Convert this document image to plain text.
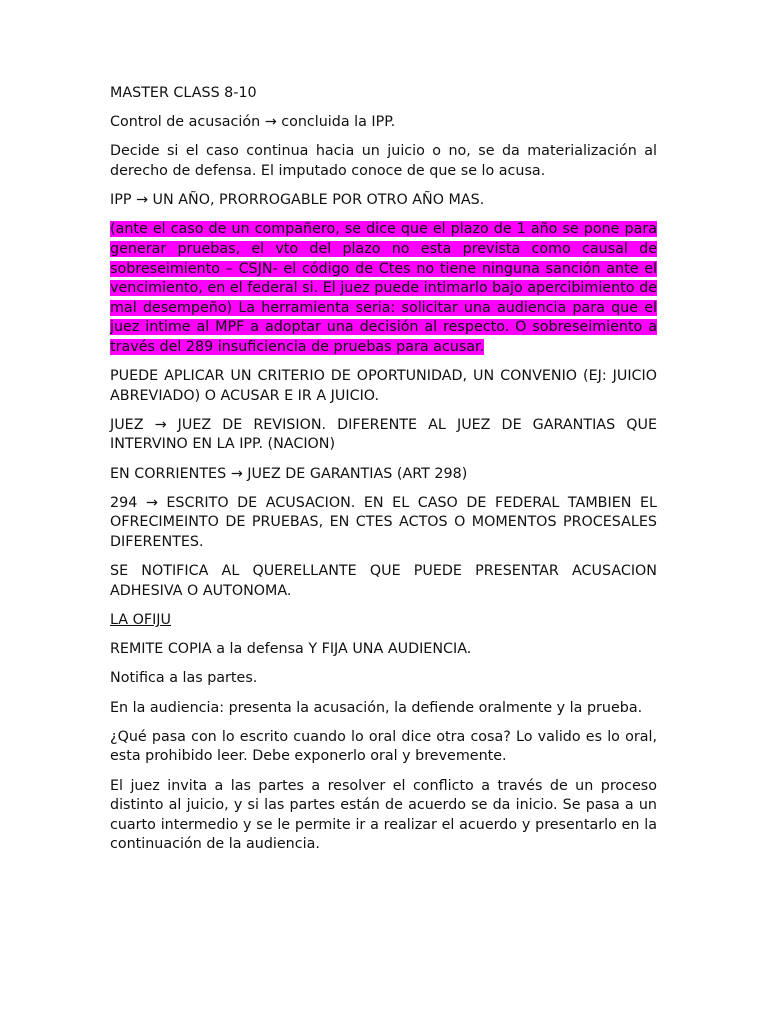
MASTER CLASS 8-10

Control de acusación → concluida la IPP.

Decide si el caso continua hacia un juicio o no, se da materialización al derecho de defensa. El imputado conoce de que se lo acusa.

IPP → UN AÑO, PRORROGABLE POR OTRO AÑO MAS.

(ante el caso de un compañero, se dice que el plazo de 1 año se pone para generar pruebas, el vto del plazo no esta prevista como causal de sobreseimiento – CSJN- el código de Ctes no tiene ninguna sanción ante el vencimiento, en el federal si. El juez puede intimarlo bajo apercibimiento de mal desempeño) La herramienta seria: solicitar una audiencia para que el juez intime al MPF a adoptar una decisión al respecto. O sobreseimiento a través del 289 insuficiencia de pruebas para acusar.

PUEDE APLICAR UN CRITERIO DE OPORTUNIDAD, UN CONVENIO (EJ: JUICIO ABREVIADO) O ACUSAR E IR A JUICIO.

JUEZ → JUEZ DE REVISION. DIFERENTE AL JUEZ DE GARANTIAS QUE INTERVINO EN LA IPP. (NACION)

EN CORRIENTES → JUEZ DE GARANTIAS (ART 298)

294 → ESCRITO DE ACUSACION. EN EL CASO DE FEDERAL TAMBIEN EL OFRECIMEINTO DE PRUEBAS, EN CTES ACTOS O MOMENTOS PROCESALES DIFERENTES.

SE NOTIFICA AL QUERELLANTE QUE PUEDE PRESENTAR ACUSACION ADHESIVA O AUTONOMA.

LA OFIJU

REMITE COPIA a la defensa Y FIJA UNA AUDIENCIA.

Notifica a las partes.

En la audiencia: presenta la acusación, la defiende oralmente y la prueba.

¿Qué pasa con lo escrito cuando lo oral dice otra cosa? Lo valido es lo oral, esta prohibido leer. Debe exponerlo oral y brevemente.

El juez invita a las partes a resolver el conflicto a través de un proceso distinto al juicio, y si las partes están de acuerdo se da inicio. Se pasa a un cuarto intermedio y se le permite ir a realizar el acuerdo y presentarlo en la continuación de la audiencia.
